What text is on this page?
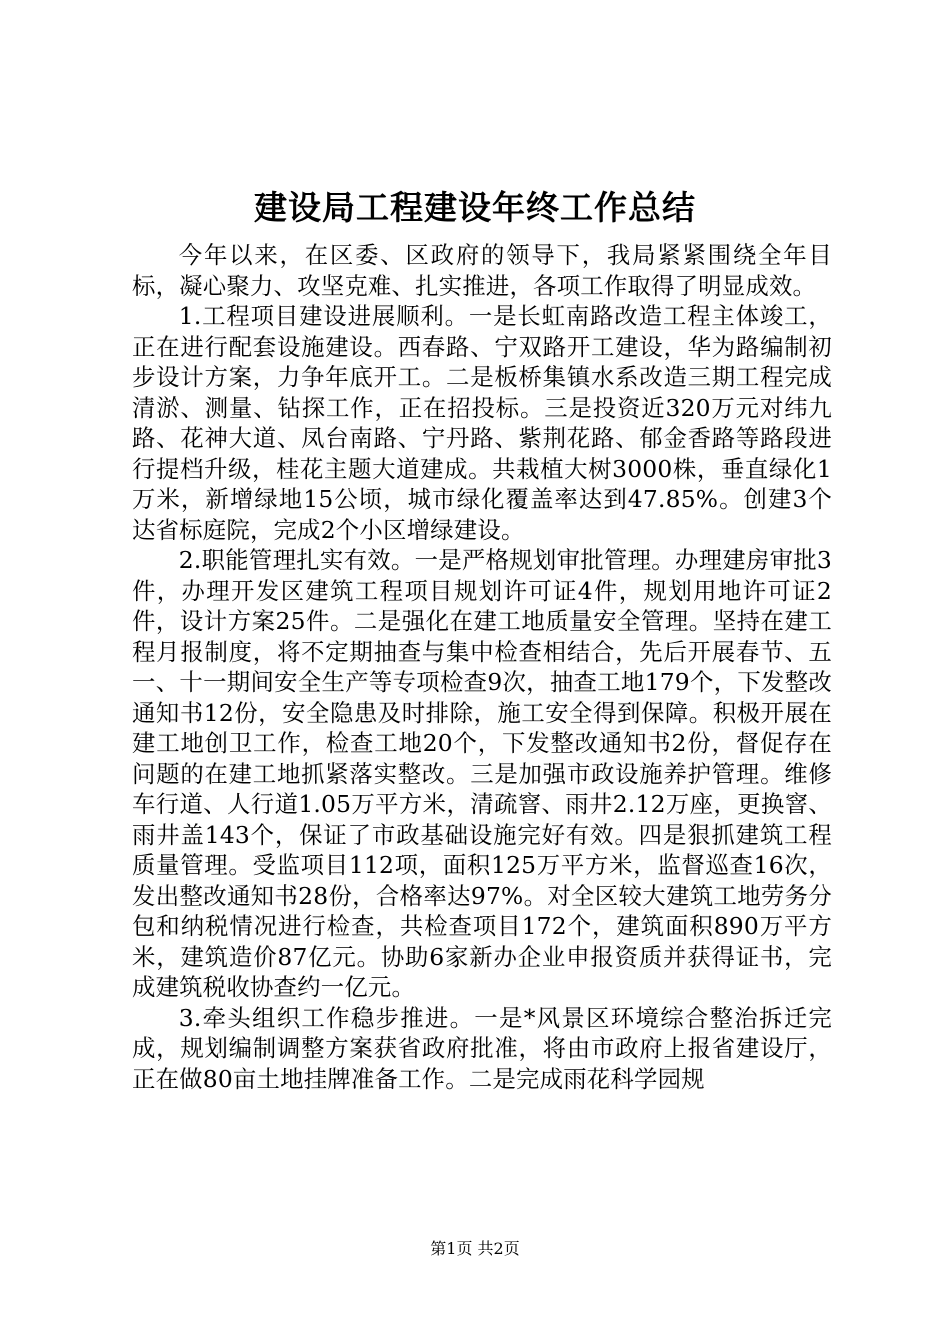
建设局工程建设年终工作总结

今年以来，在区委、区政府的领导下，我局紧紧围绕全年目标，凝心聚力、攻坚克难、扎实推进，各项工作取得了明显成效。

1.工程项目建设进展顺利。一是长虹南路改造工程主体竣工，正在进行配套设施建设。西春路、宁双路开工建设，华为路编制初步设计方案，力争年底开工。二是板桥集镇水系改造三期工程完成清淤、测量、钻探工作，正在招投标。三是投资近320万元对纬九路、花神大道、凤台南路、宁丹路、紫荆花路、郁金香路等路段进行提档升级，桂花主题大道建成。共栽植大树3000株，垂直绿化1万米，新增绿地15公顷，城市绿化覆盖率达到47.85%。创建3个达省标庭院，完成2个小区增绿建设。

2.职能管理扎实有效。一是严格规划审批管理。办理建房审批3件，办理开发区建筑工程项目规划许可证4件，规划用地许可证2件，设计方案25件。二是强化在建工地质量安全管理。坚持在建工程月报制度，将不定期抽查与集中检查相结合，先后开展春节、五一、十一期间安全生产等专项检查9次，抽查工地179个，下发整改通知书12份，安全隐患及时排除，施工安全得到保障。积极开展在建工地创卫工作，检查工地20个，下发整改通知书2份，督促存在问题的在建工地抓紧落实整改。三是加强市政设施养护管理。维修车行道、人行道1.05万平方米，清疏窨、雨井2.12万座，更换窨、雨井盖143个，保证了市政基础设施完好有效。四是狠抓建筑工程质量管理。受监项目112项，面积125万平方米，监督巡查16次，发出整改通知书28份，合格率达97%。对全区较大建筑工地劳务分包和纳税情况进行检查，共检查项目172个，建筑面积890万平方米，建筑造价87亿元。协助6家新办企业申报资质并获得证书，完成建筑税收协查约一亿元。

3.牵头组织工作稳步推进。一是*风景区环境综合整治拆迁完成，规划编制调整方案获省政府批准，将由市政府上报省建设厅，正在做80亩土地挂牌准备工作。二是完成雨花科学园规

第1页 共2页
